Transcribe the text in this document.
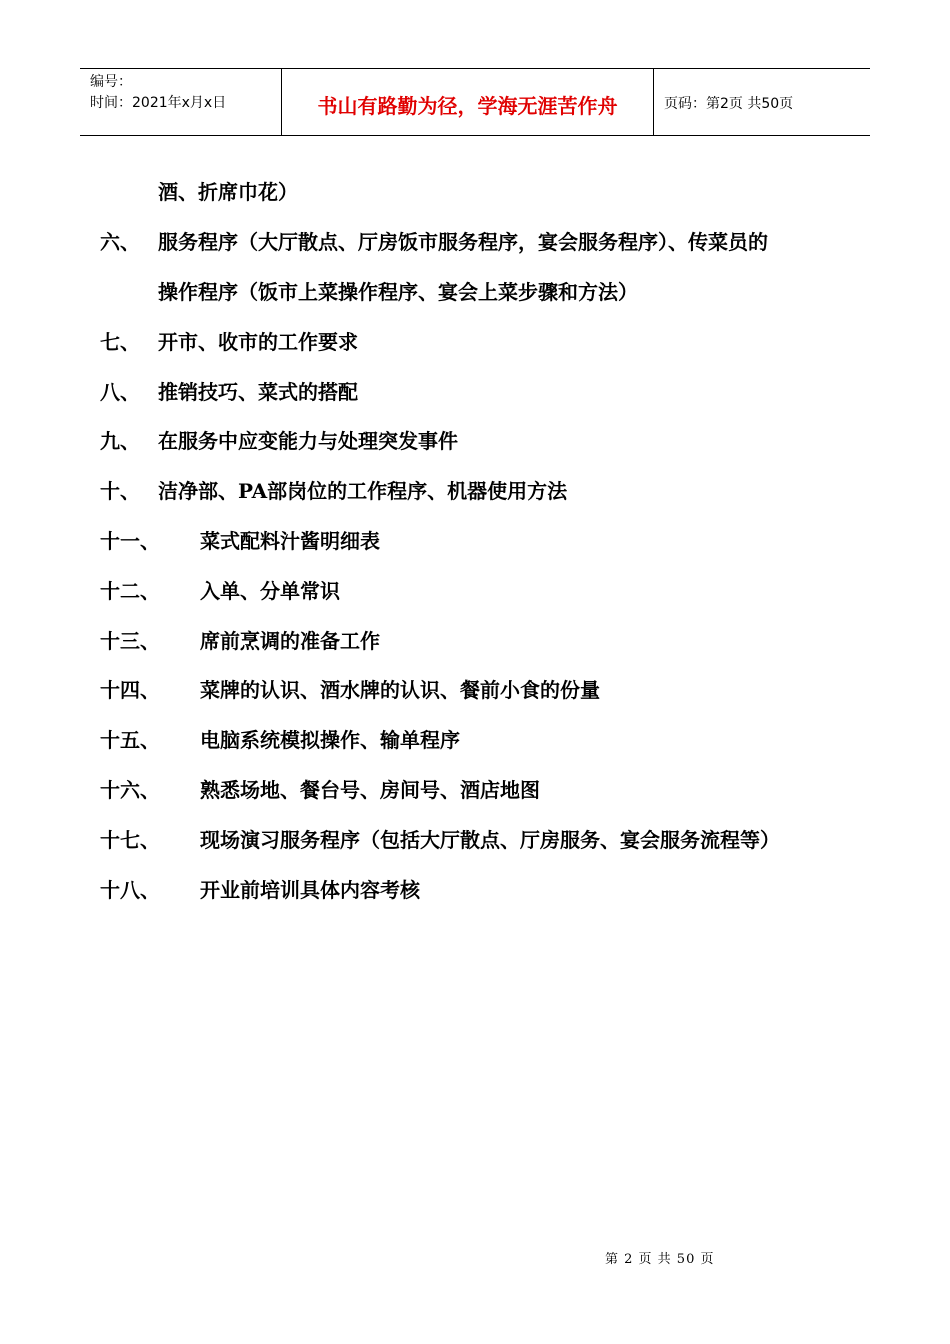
编号：
时间：2021年x月x日	书山有路勤为径，学海无涯苦作舟	页码：第2页 共50页
酒、折席巾花）
六、 服务程序（大厅散点、厅房饭市服务程序，宴会服务程序）、传菜员的
操作程序（饭市上菜操作程序、宴会上菜步骤和方法）
七、 开市、收市的工作要求
八、 推销技巧、菜式的搭配
九、 在服务中应变能力与处理突发事件
十、 洁净部、PA部岗位的工作程序、机器使用方法
十一、 菜式配料汁酱明细表
十二、 入单、分单常识
十三、 席前烹调的准备工作
十四、 菜牌的认识、酒水牌的认识、餐前小食的份量
十五、 电脑系统模拟操作、输单程序
十六、 熟悉场地、餐台号、房间号、酒店地图
十七、 现场演习服务程序（包括大厅散点、厅房服务、宴会服务流程等）
十八、 开业前培训具体内容考核
第 2 页 共 50 页
